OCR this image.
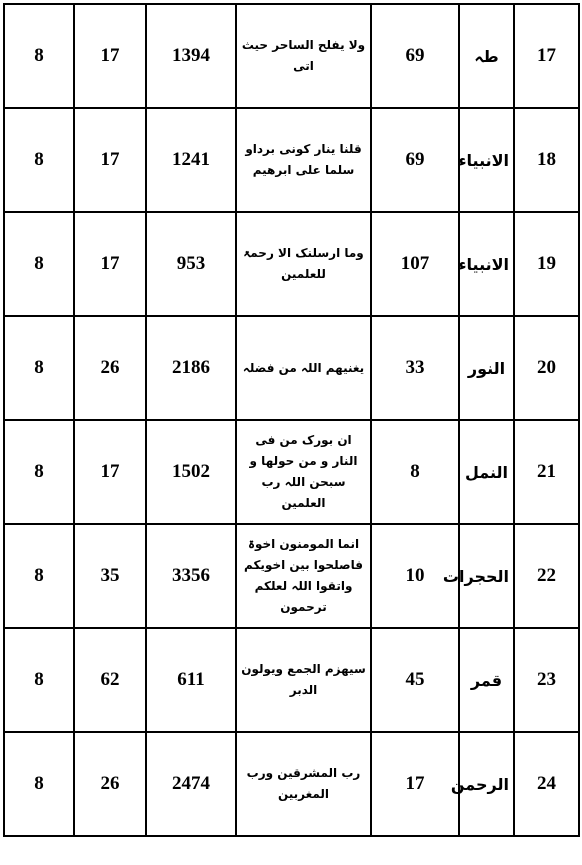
8	17	1394	ولا یفلح الساحر حیث اتی	69	طہ	17
8	17	1241	قلنا ینار کونی برداو سلما علی ابرھیم	69	الانبیاء	18
8	17	953	وما ارسلنک الا رحمۃ للعلمین	107	الانبیاء	19
8	26	2186	یغنیھم اللہ من فضلہ	33	النور	20
8	17	1502	ان بورک من فی النار و من حولھا و سبحن اللہ رب العلمین	8	النمل	21
8	35	3356	انما المومنون اخوۃ فاصلحوا بین اخویکم واتقوا اللہ لعلکم ترحمون	10	الحجرات	22
8	62	611	سیھزم الجمع ویولون الدبر	45	قمر	23
8	26	2474	رب المشرقین ورب المغربین	17	الرحمن	24
